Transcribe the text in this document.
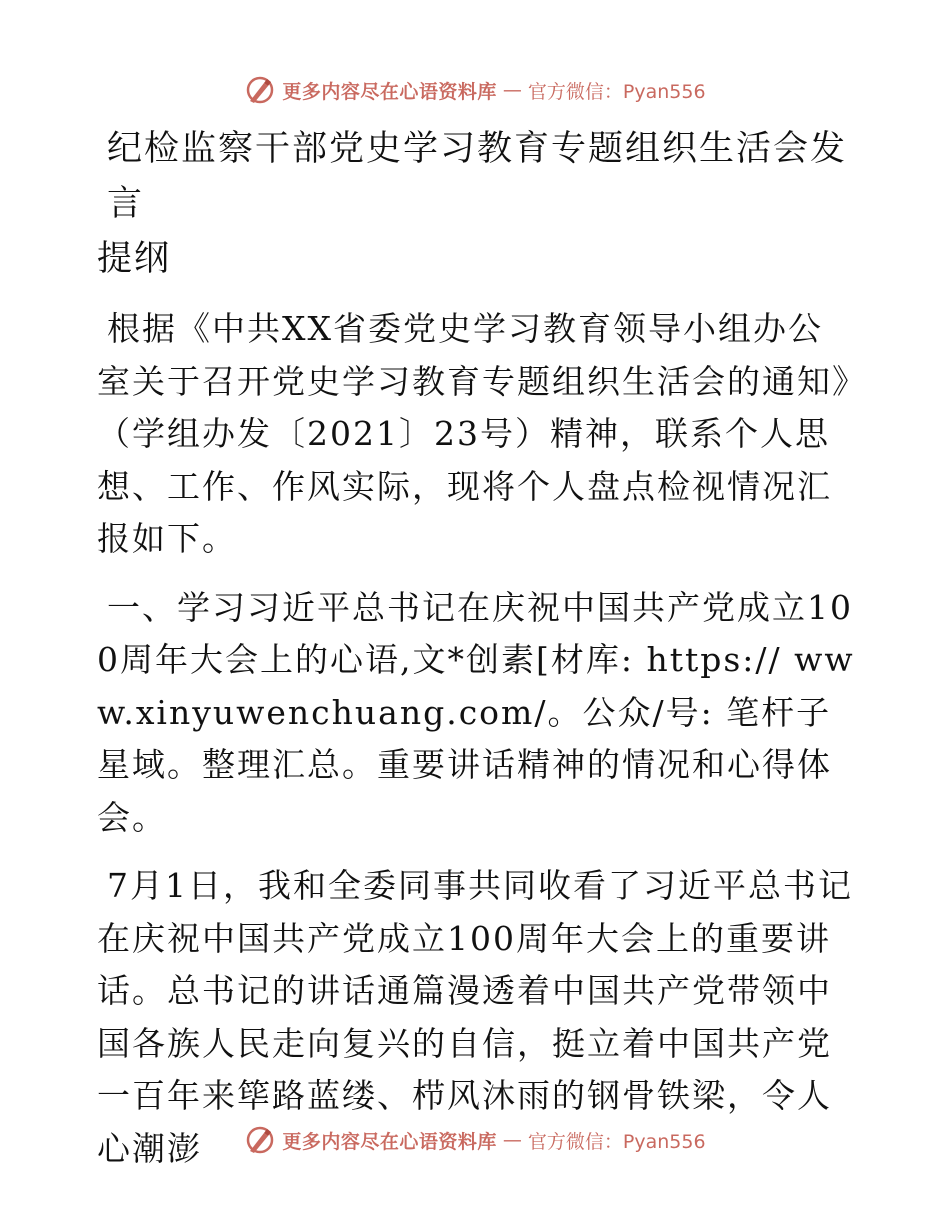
更多内容尽在心语资料库 — 官方微信：Pyan556
纪检监察干部党史学习教育专题组织生活会发言
提纲

根据《中共XX省委党史学习教育领导小组办公室关于召开党史学习教育专题组织生活会的通知》（学组办发〔2021〕23号）精神，联系个人思想、工作、作风实际，现将个人盘点检视情况汇报如下。

一、学习习近平总书记在庆祝中国共产党成立100周年大会上的心语,文*创素[材库: https:// www.xinyuwenchuang.com/。公众/号: 笔杆子星域。整理汇总。重要讲话精神的情况和心得体会。

7月1日，我和全委同事共同收看了习近平总书记在庆祝中国共产党成立100周年大会上的重要讲话。总书记的讲话通篇漫透着中国共产党带领中国各族人民走向复兴的自信，挺立着中国共产党一百年来筚路蓝缕、栉风沐雨的钢骨铁梁，令人心潮澎	更多内容尽在心语资料库 — 官方微信：Pyan556
